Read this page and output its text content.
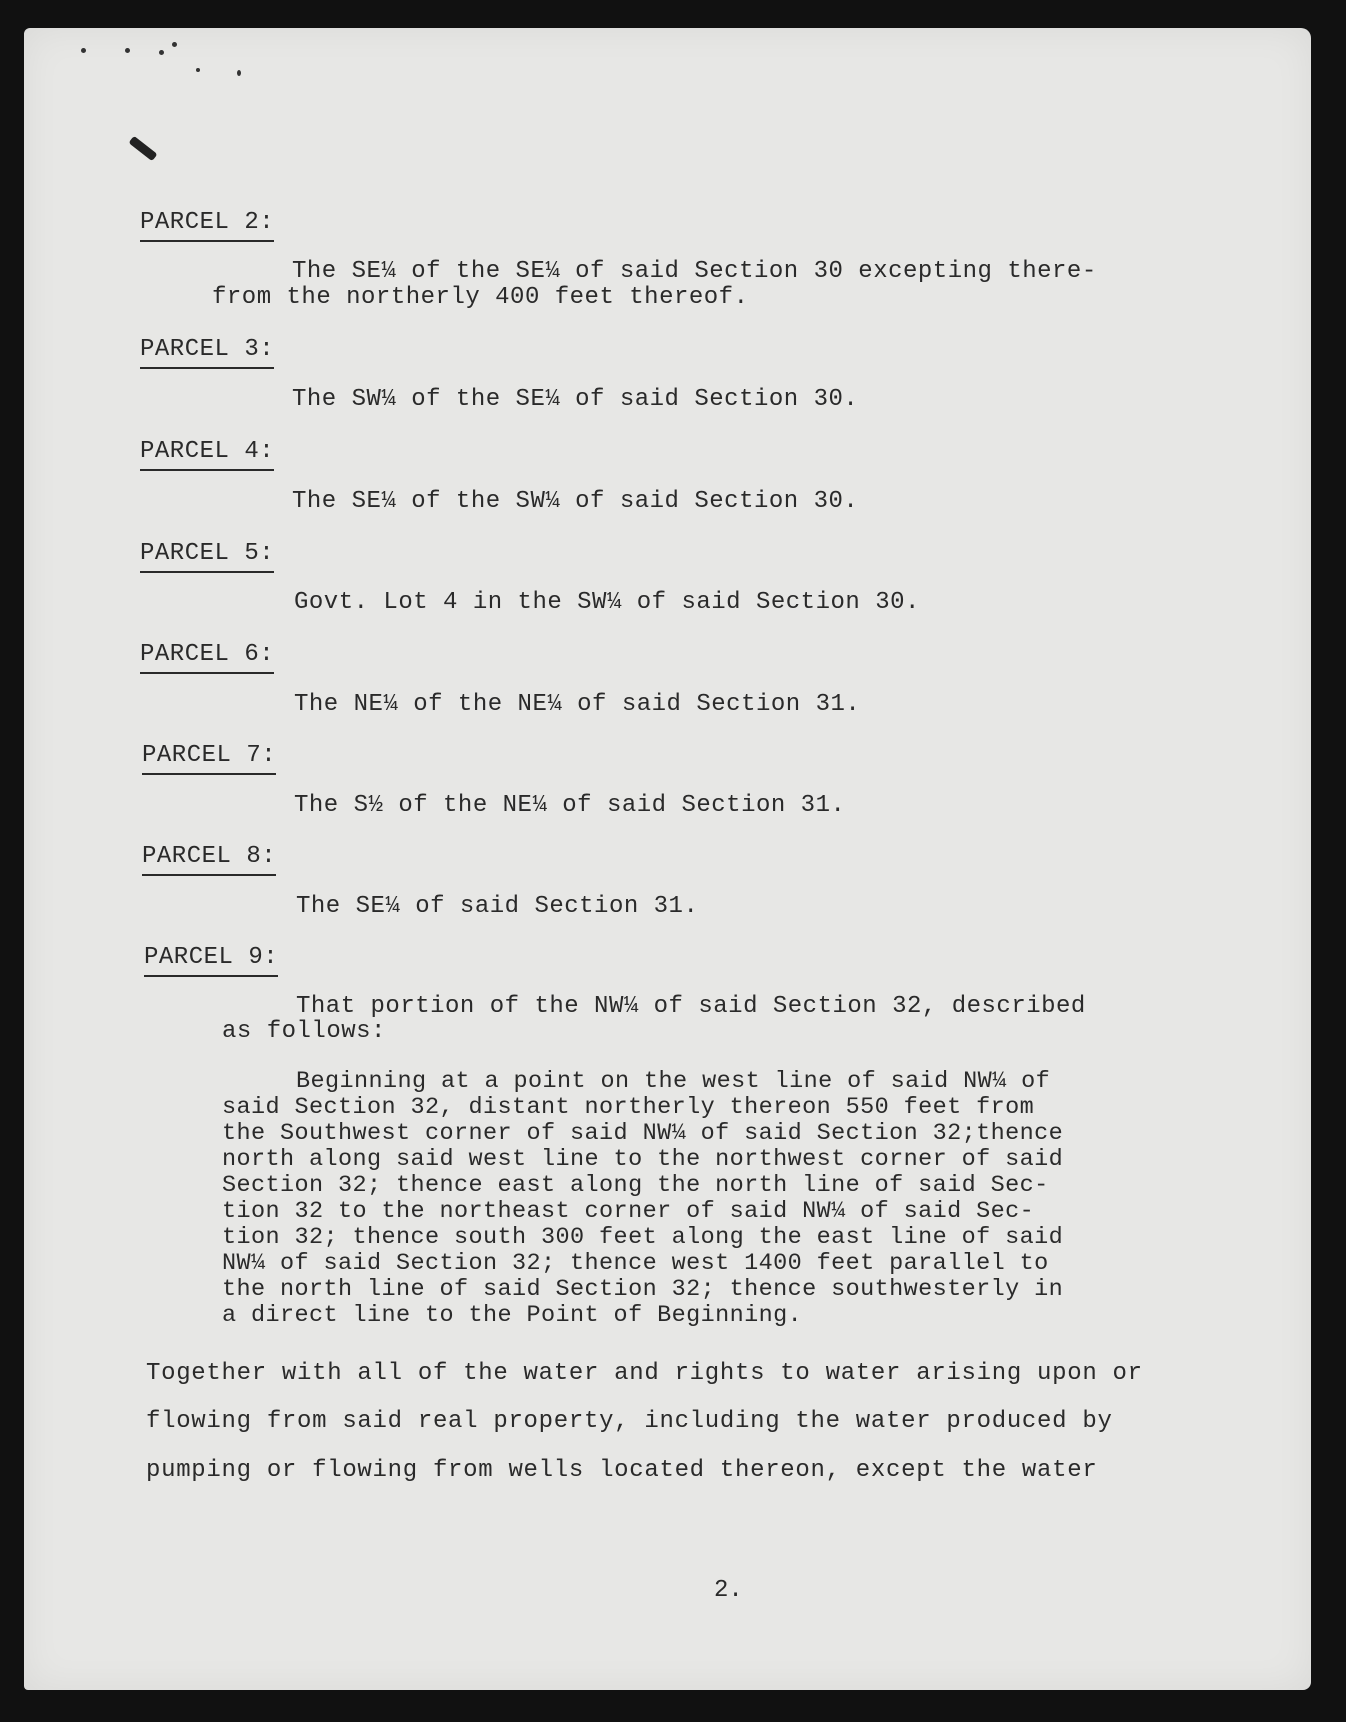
PARCEL 2:
The SE¼ of the SE¼ of said Section 30 excepting there-
from the northerly 400 feet thereof.
PARCEL 3:
The SW¼ of the SE¼ of said Section 30.
PARCEL 4:
The SE¼ of the SW¼ of said Section 30.
PARCEL 5:
Govt. Lot 4 in the SW¼ of said Section 30.
PARCEL 6:
The NE¼ of the NE¼ of said Section 31.
PARCEL 7:
The S½ of the NE¼ of said Section 31.
PARCEL 8:
The SE¼ of said Section 31.
PARCEL 9:
That portion of the NW¼ of said Section 32, described
as follows:
Beginning at a point on the west line of said NW¼ of
said Section 32, distant northerly thereon 550 feet from
the Southwest corner of said NW¼ of said Section 32;thence
north along said west line to the northwest corner of said
Section 32; thence east along the north line of said Sec-
tion 32 to the northeast corner of said NW¼ of said Sec-
tion 32; thence south 300 feet along the east line of said
NW¼ of said Section 32; thence west 1400 feet parallel to
the north line of said Section 32; thence southwesterly in
a direct line to the Point of Beginning.
Together with all of the water and rights to water arising upon or
flowing from said real property, including the water produced by
pumping or flowing from wells located thereon, except the water
2.
